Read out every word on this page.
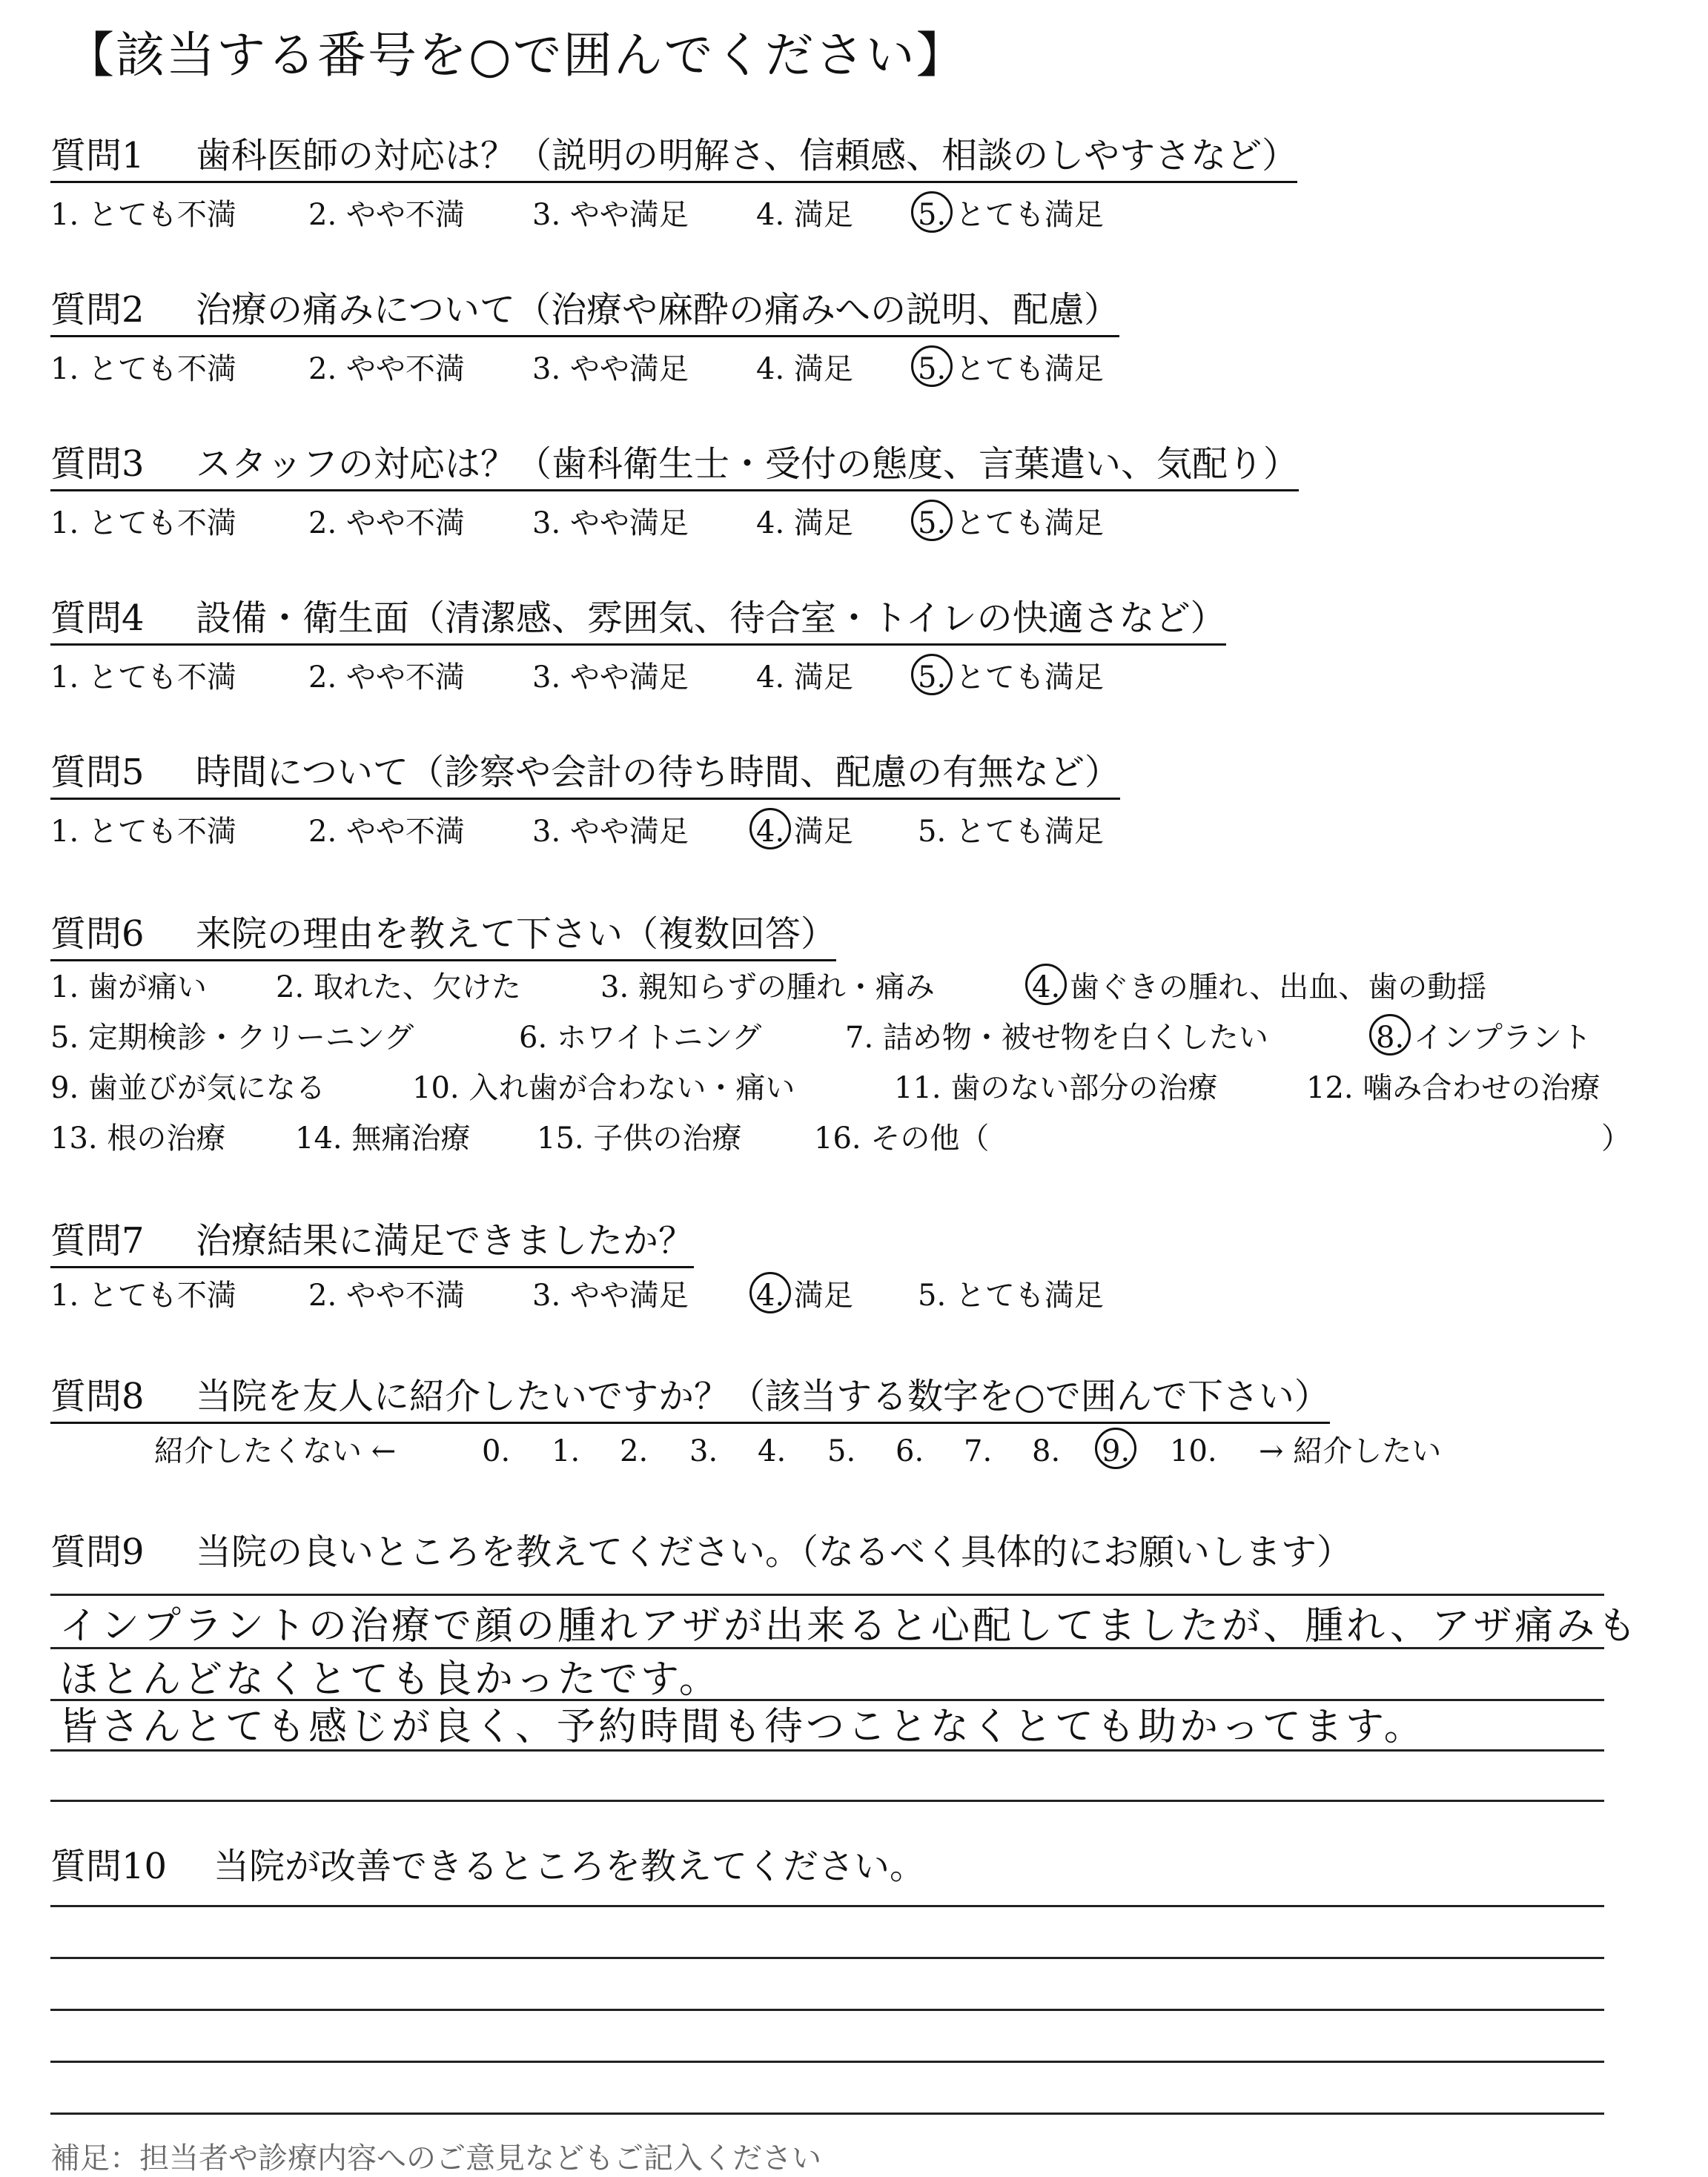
【該当する番号を○で囲んでください】
質問1 歯科医師の対応は？（説明の明解さ、信頼感、相談のしやすさなど）
1. とても不満 2. やや不満 3. やや満足 4. 満足 5. とても満足
質問2 治療の痛みについて（治療や麻酔の痛みへの説明、配慮）
1. とても不満 2. やや不満 3. やや満足 4. 満足 5. とても満足
質問3 スタッフの対応は？（歯科衛生士・受付の態度、言葉遣い、気配り）
1. とても不満 2. やや不満 3. やや満足 4. 満足 5. とても満足
質問4 設備・衛生面（清潔感、雰囲気、待合室・トイレの快適さなど）
1. とても不満 2. やや不満 3. やや満足 4. 満足 5. とても満足
質問5 時間について（診察や会計の待ち時間、配慮の有無など）
1. とても不満 2. やや不満 3. やや満足 4. 満足 5. とても満足
質問6 来院の理由を教えて下さい（複数回答）
1. 歯が痛い 2. 取れた、欠けた	3. 親知らずの腫れ・痛み	4. 歯ぐきの腫れ、出血、歯の動揺
5. 定期検診・クリーニング	6. ホワイトニング	7. 詰め物・被せ物を白くしたい	8. インプラント
9. 歯並びが気になる	10. 入れ歯が合わない・痛い	11. 歯のない部分の治療	12. 噛み合わせの治療
13. 根の治療 14. 無痛治療 15. 子供の治療 16. その他（	）
質問7 治療結果に満足できましたか？
1. とても不満 2. やや不満 3. やや満足 4. 満足 5. とても満足
質問8 当院を友人に紹介したいですか？（該当する数字を○で囲んで下さい）
紹介したくない ←	0. 1. 2. 3. 4. 5. 6. 7. 8. 9. 10. → 紹介したい
質問9 当院の良いところを教えてください。（なるべく具体的にお願いします）
インプラントの治療で顔の腫れアザが出来ると心配してましたが、腫れ、アザ痛みも
ほとんどなくとても良かったです。
皆さんとても感じが良く、予約時間も待つことなくとても助かってます。
質問10 当院が改善できるところを教えてください。
補足：担当者や診療内容へのご意見などもご記入ください
